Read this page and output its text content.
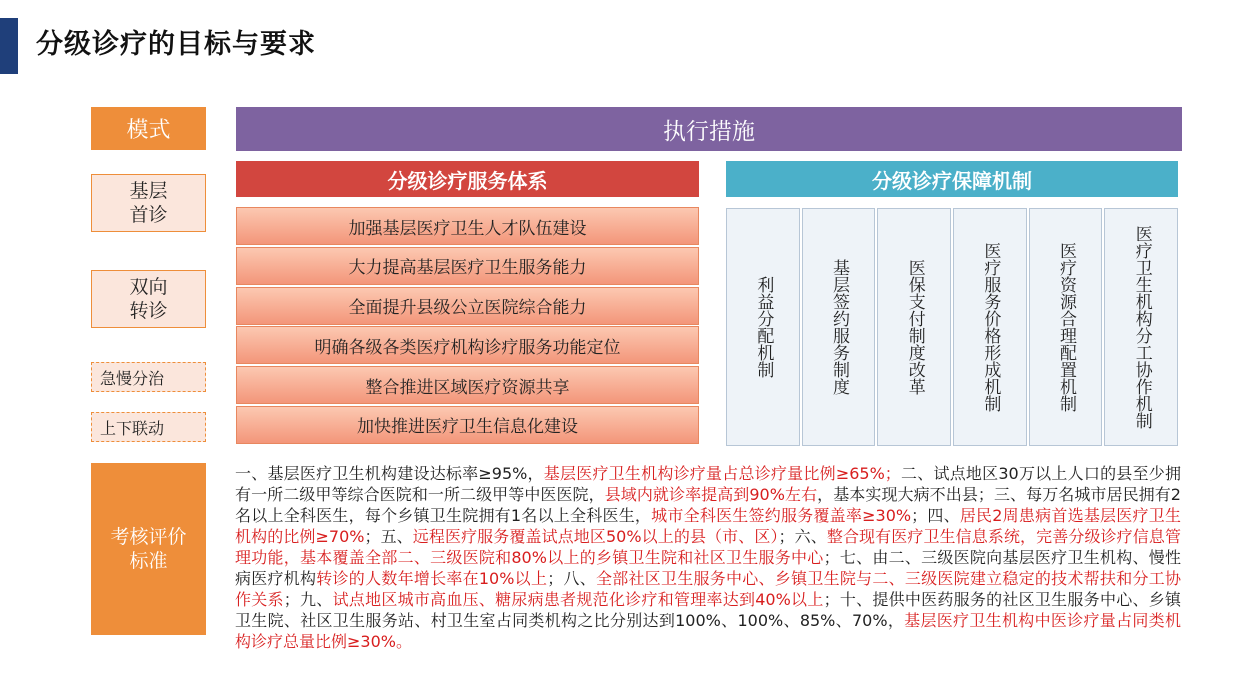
分级诊疗的目标与要求
模式
基层
首诊
双向
转诊
急慢分治
上下联动
考核评价
标准
执行措施
分级诊疗服务体系	分级诊疗保障机制
加强基层医疗卫生人才队伍建设
大力提高基层医疗卫生服务能力
全面提升县级公立医院综合能力
明确各级各类医疗机构诊疗服务功能定位
整合推进区域医疗资源共享
加快推进医疗卫生信息化建设
利益分配机制	基层签约服务制度	医保支付制度改革	医疗服务价格形成机制	医疗资源合理配置机制	医疗卫生机构分工协作机制
一、基层医疗卫生机构建设达标率≥95%，基层医疗卫生机构诊疗量占总诊疗量比例≥65%；二、试点地区30万以上人口的县至少拥有一所二级甲等综合医院和一所二级甲等中医医院，县域内就诊率提高到90%左右，基本实现大病不出县；三、每万名城市居民拥有2名以上全科医生，每个乡镇卫生院拥有1名以上全科医生，城市全科医生签约服务覆盖率≥30%；四、居民2周患病首选基层医疗卫生机构的比例≥70%；五、远程医疗服务覆盖试点地区50%以上的县（市、区）；六、整合现有医疗卫生信息系统，完善分级诊疗信息管理功能，基本覆盖全部二、三级医院和80%以上的乡镇卫生院和社区卫生服务中心；七、由二、三级医院向基层医疗卫生机构、慢性病医疗机构转诊的人数年增长率在10%以上；八、全部社区卫生服务中心、乡镇卫生院与二、三级医院建立稳定的技术帮扶和分工协作关系；九、试点地区城市高血压、糖尿病患者规范化诊疗和管理率达到40%以上；十、提供中医药服务的社区卫生服务中心、乡镇卫生院、社区卫生服务站、村卫生室占同类机构之比分别达到100%、100%、85%、70%，基层医疗卫生机构中医诊疗量占同类机构诊疗总量比例≥30%。
